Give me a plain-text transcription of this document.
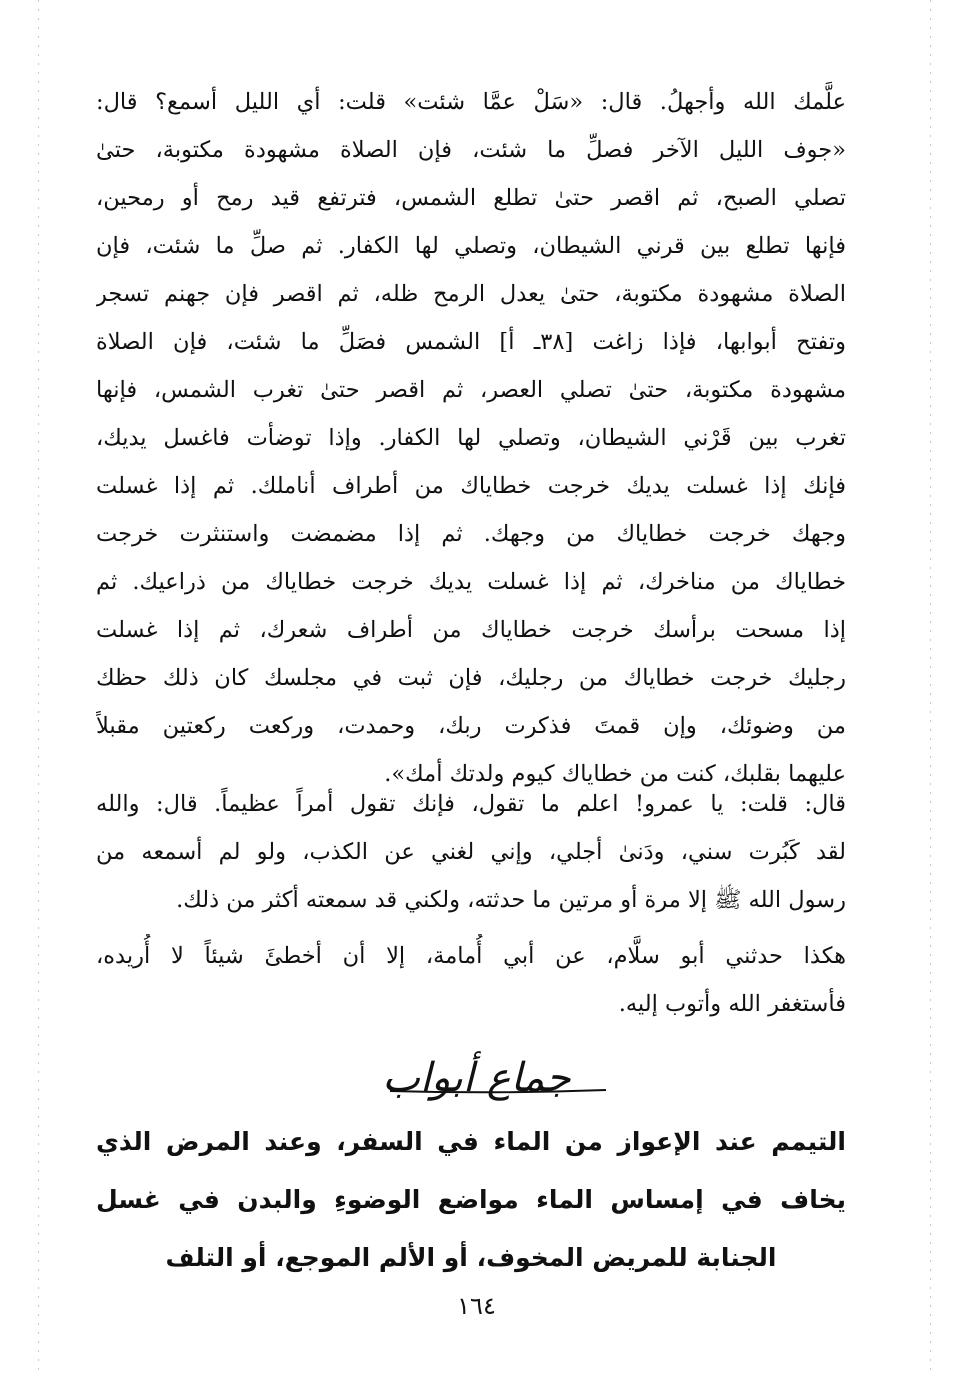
علَّمك الله وأجهلُ. قال: «سَلْ عمَّا شئت» قلت: أي الليل أسمع؟ قال:
«جوف الليل الآخر فصلِّ ما شئت، فإن الصلاة مشهودة مكتوبة، حتىٰ
تصلي الصبح، ثم اقصر حتىٰ تطلع الشمس، فترتفع قيد رمح أو رمحين،
فإنها تطلع بين قرني الشيطان، وتصلي لها الكفار. ثم صلِّ ما شئت، فإن
الصلاة مشهودة مكتوبة، حتىٰ يعدل الرمح ظله، ثم اقصر فإن جهنم تسجر
وتفتح أبوابها، فإذا زاغت [٣٨ـ أ] الشمس فصَلِّ ما شئت، فإن الصلاة
مشهودة مكتوبة، حتىٰ تصلي العصر، ثم اقصر حتىٰ تغرب الشمس، فإنها
تغرب بين قَرْني الشيطان، وتصلي لها الكفار. وإذا توضأت فاغسل يديك،
فإنك إذا غسلت يديك خرجت خطاياك من أطراف أناملك. ثم إذا غسلت
وجهك خرجت خطاياك من وجهك. ثم إذا مضمضت واستنثرت خرجت
خطاياك من مناخرك، ثم إذا غسلت يديك خرجت خطاياك من ذراعيك. ثم
إذا مسحت برأسك خرجت خطاياك من أطراف شعرك، ثم إذا غسلت
رجليك خرجت خطاياك من رجليك، فإن ثبت في مجلسك كان ذلك حظك
من وضوئك، وإن قمتَ فذكرت ربك، وحمدت، وركعت ركعتين مقبلاً
عليهما بقلبك، كنت من خطاياك كيوم ولدتك أمك».
قال: قلت: يا عمرو! اعلم ما تقول، فإنك تقول أمراً عظيماً. قال: والله
لقد كَبُرت سني، ودَنىٰ أجلي، وإني لغني عن الكذب، ولو لم أسمعه من
رسول الله ﷺ إلا مرة أو مرتين ما حدثته، ولكني قد سمعته أكثر من ذلك.
هكذا حدثني أبو سلَّام، عن أبي أُمامة، إلا أن أخطئَ شيئاً لا أُريده،
فأستغفر الله وأتوب إليه.
جماع أبواب
التيمم عند الإعواز من الماء في السفر، وعند المرض الذي
يخاف في إمساس الماء مواضع الوضوءِ والبدن في غسل
الجنابة للمريض المخوف، أو الألم الموجع، أو التلف
١٦٤
